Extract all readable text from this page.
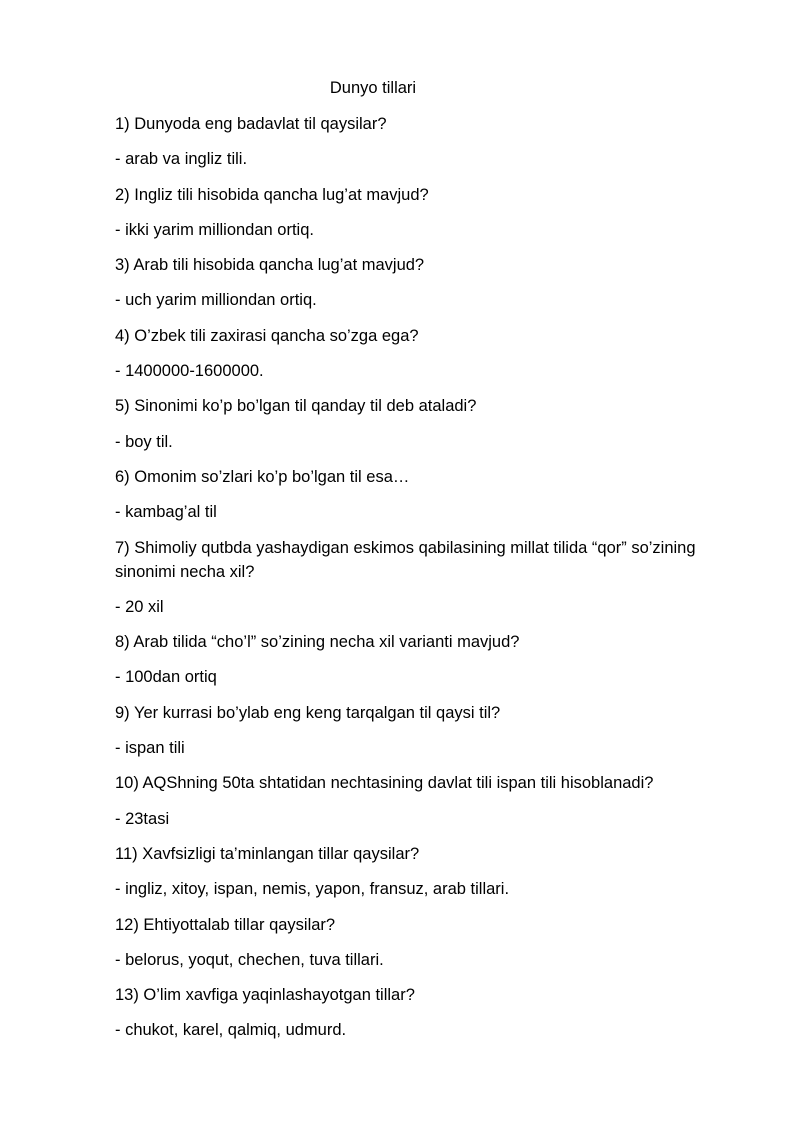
Dunyo tillari

1) Dunyoda eng badavlat til qaysilar?

- arab va ingliz tili.

2) Ingliz tili hisobida qancha lug’at mavjud?

- ikki yarim milliondan ortiq.

3) Arab tili hisobida qancha lug’at mavjud?

- uch yarim milliondan ortiq.

4) O’zbek tili zaxirasi qancha so’zga ega?

- 1400000-1600000.

5) Sinonimi ko’p bo’lgan til qanday til deb ataladi?

- boy til.

6) Omonim so’zlari ko’p bo’lgan til esa…

- kambag’al til

7) Shimoliy qutbda yashaydigan eskimos qabilasining millat tilida “qor” so’zining sinonimi necha xil?

- 20 xil

8) Arab tilida “cho’l” so’zining necha xil varianti mavjud?

- 100dan ortiq

9) Yer kurrasi bo’ylab eng keng tarqalgan til qaysi til?

- ispan tili

10) AQShning 50ta shtatidan nechtasining davlat tili ispan tili hisoblanadi?

- 23tasi

11) Xavfsizligi ta’minlangan tillar qaysilar?

- ingliz, xitoy, ispan, nemis, yapon, fransuz, arab tillari.

12) Ehtiyottalab tillar qaysilar?

- belorus, yoqut, chechen, tuva tillari.

13) O’lim xavfiga yaqinlashayotgan tillar?

- chukot, karel, qalmiq, udmurd.
